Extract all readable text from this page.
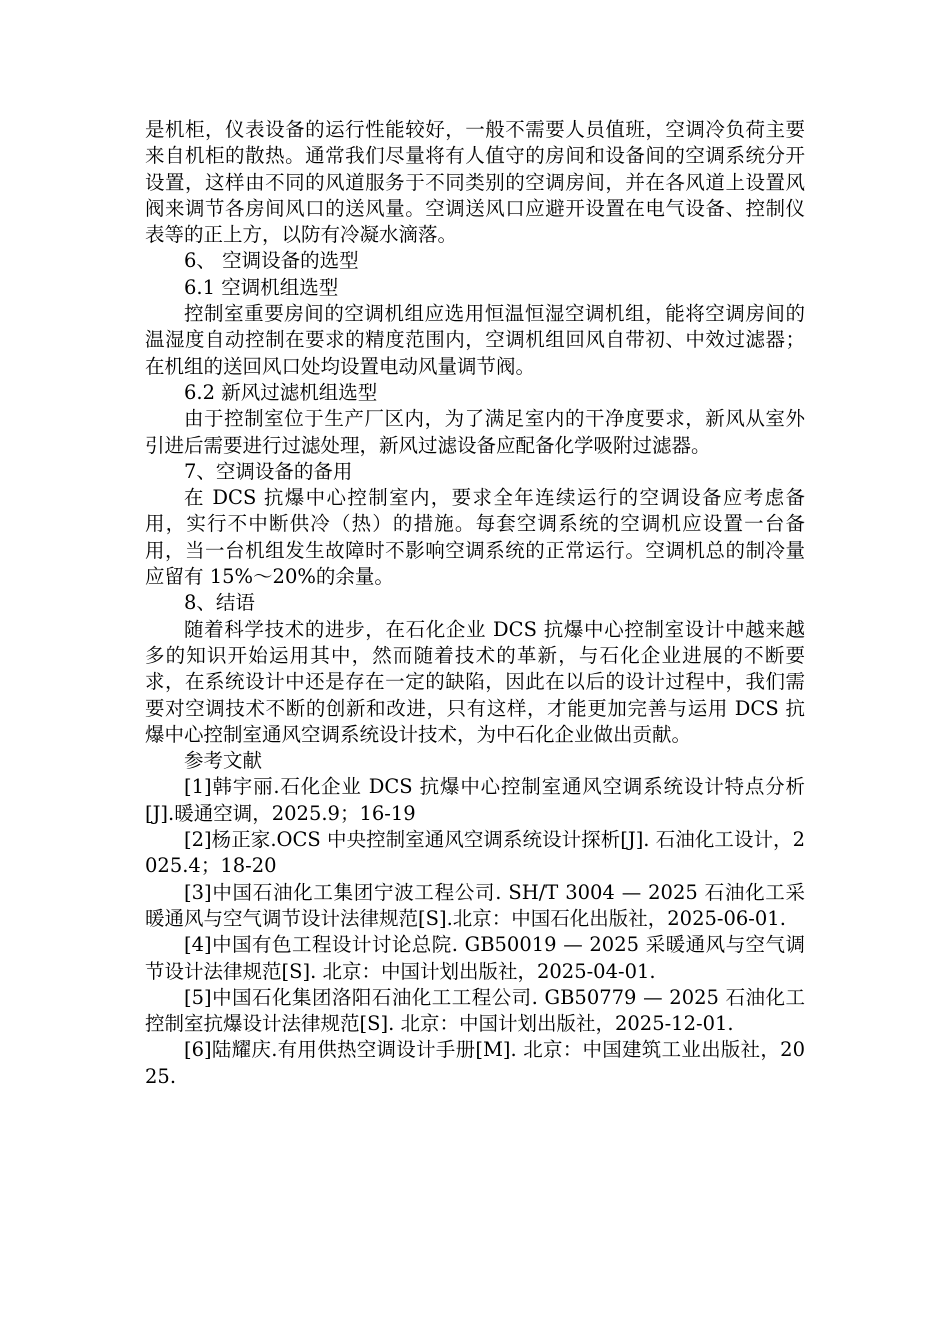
是机柜，仪表设备的运行性能较好，一般不需要人员值班，空调冷负荷主要来自机柜的散热。通常我们尽量将有人值守的房间和设备间的空调系统分开设置，这样由不同的风道服务于不同类别的空调房间，并在各风道上设置风阀来调节各房间风口的送风量。空调送风口应避开设置在电气设备、控制仪表等的正上方，以防有冷凝水滴落。

6、 空调设备的选型

6.1 空调机组选型

控制室重要房间的空调机组应选用恒温恒湿空调机组，能将空调房间的温湿度自动控制在要求的精度范围内，空调机组回风自带初、中效过滤器；在机组的送回风口处均设置电动风量调节阀。

6.2 新风过滤机组选型

由于控制室位于生产厂区内，为了满足室内的干净度要求，新风从室外引进后需要进行过滤处理，新风过滤设备应配备化学吸附过滤器。

7、空调设备的备用

在 DCS 抗爆中心控制室内，要求全年连续运行的空调设备应考虑备用，实行不中断供冷（热）的措施。每套空调系统的空调机应设置一台备用，当一台机组发生故障时不影响空调系统的正常运行。空调机总的制冷量应留有 15%～20%的余量。

8、结语

随着科学技术的进步，在石化企业 DCS 抗爆中心控制室设计中越来越多的知识开始运用其中，然而随着技术的革新，与石化企业进展的不断要求，在系统设计中还是存在一定的缺陷，因此在以后的设计过程中，我们需要对空调技术不断的创新和改进，只有这样，才能更加完善与运用 DCS 抗爆中心控制室通风空调系统设计技术，为中石化企业做出贡献。

参考文献

[1]韩宇丽.石化企业 DCS 抗爆中心控制室通风空调系统设计特点分析[J].暖通空调，2025.9；16-19

[2]杨正家.OCS 中央控制室通风空调系统设计探析[J]. 石油化工设计，2025.4；18-20

[3]中国石油化工集团宁波工程公司. SH/T 3004 — 2025 石油化工采暖通风与空气调节设计法律规范[S].北京：中国石化出版社，2025-06-01.

[4]中国有色工程设计讨论总院. GB50019 — 2025 采暖通风与空气调节设计法律规范[S]. 北京：中国计划出版社，2025-04-01.

[5]中国石化集团洛阳石油化工工程公司. GB50779 — 2025 石油化工控制室抗爆设计法律规范[S]. 北京：中国计划出版社，2025-12-01.

[6]陆耀庆.有用供热空调设计手册[M]. 北京：中国建筑工业出版社，2025.
